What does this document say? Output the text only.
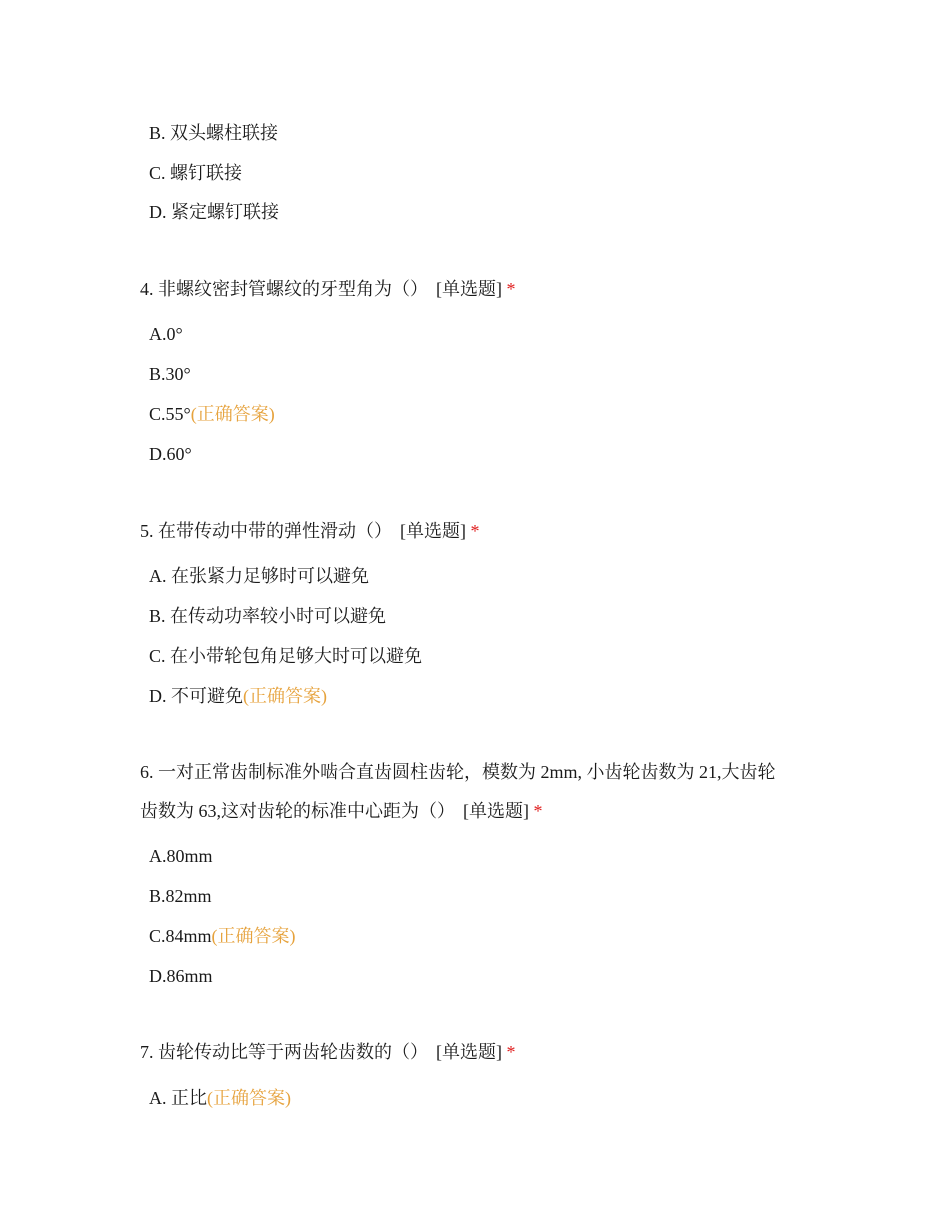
B. 双头螺柱联接
C. 螺钉联接
D. 紧定螺钉联接
4. 非螺纹密封管螺纹的牙型角为（） [单选题] *
A.0°
B.30°
C.55°(正确答案)
D.60°
5. 在带传动中带的弹性滑动（） [单选题] *
A. 在张紧力足够时可以避免
B. 在传动功率较小时可以避免
C. 在小带轮包角足够大时可以避免
D. 不可避免(正确答案)
6. 一对正常齿制标准外啮合直齿圆柱齿轮，模数为 2mm, 小齿轮齿数为 21,大齿轮
齿数为 63,这对齿轮的标准中心距为（） [单选题] *
A.80mm
B.82mm
C.84mm(正确答案)
D.86mm
7. 齿轮传动比等于两齿轮齿数的（） [单选题] *
A. 正比(正确答案)
